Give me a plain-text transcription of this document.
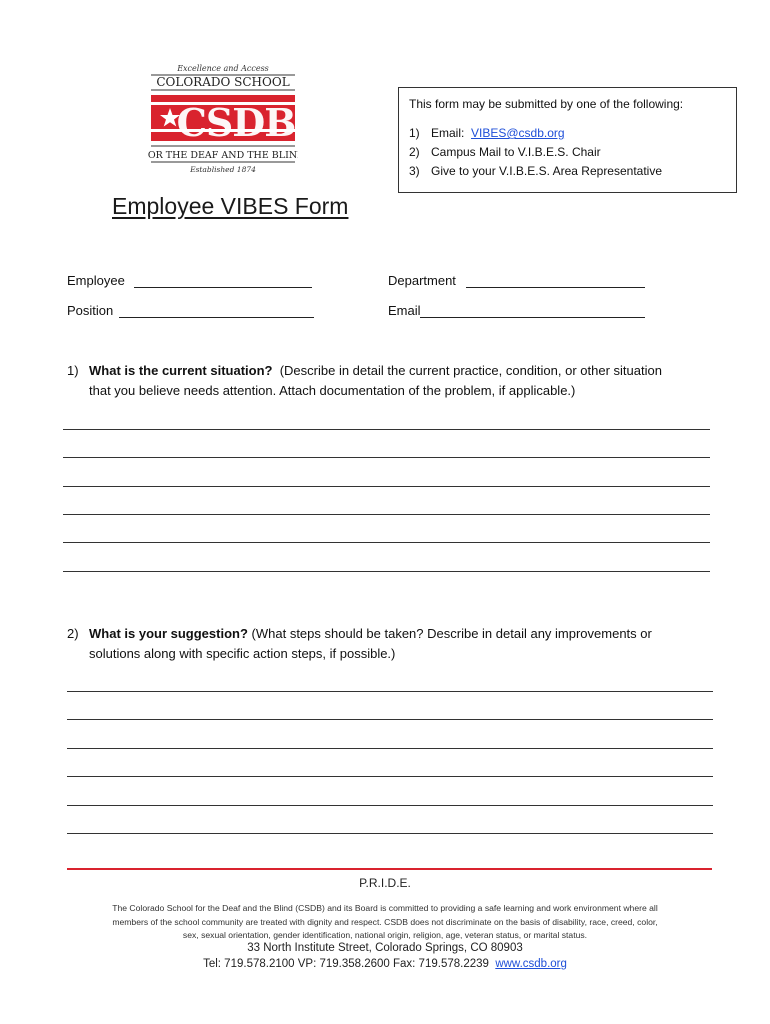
Excellence and Access
COLORADO SCHOOL
CSDB
FOR THE DEAF AND THE BLIND
Established 1874
This form may be submitted by one of the following:
1) Email:  VIBES@csdb.org
2) Campus Mail to V.I.B.E.S. Chair
3) Give to your V.I.B.E.S. Area Representative
Employee VIBES Form
Employee	Department
Position	Email
1) What is the current situation? (Describe in detail the current practice, condition, or other situation
that you believe needs attention. Attach documentation of the problem, if applicable.)
2) What is your suggestion? (What steps should be taken? Describe in detail any improvements or
solutions along with specific action steps, if possible.)
P.R.I.D.E.
The Colorado School for the Deaf and the Blind (CSDB) and its Board is committed to providing a safe learning and work environment where all
members of the school community are treated with dignity and respect. CSDB does not discriminate on the basis of disability, race, creed, color,
sex, sexual orientation, gender identification, national origin, religion, age, veteran status, or marital status.
33 North Institute Street, Colorado Springs, CO 80903
Tel: 719.578.2100 VP: 719.358.2600 Fax: 719.578.2239 www.csdb.org
